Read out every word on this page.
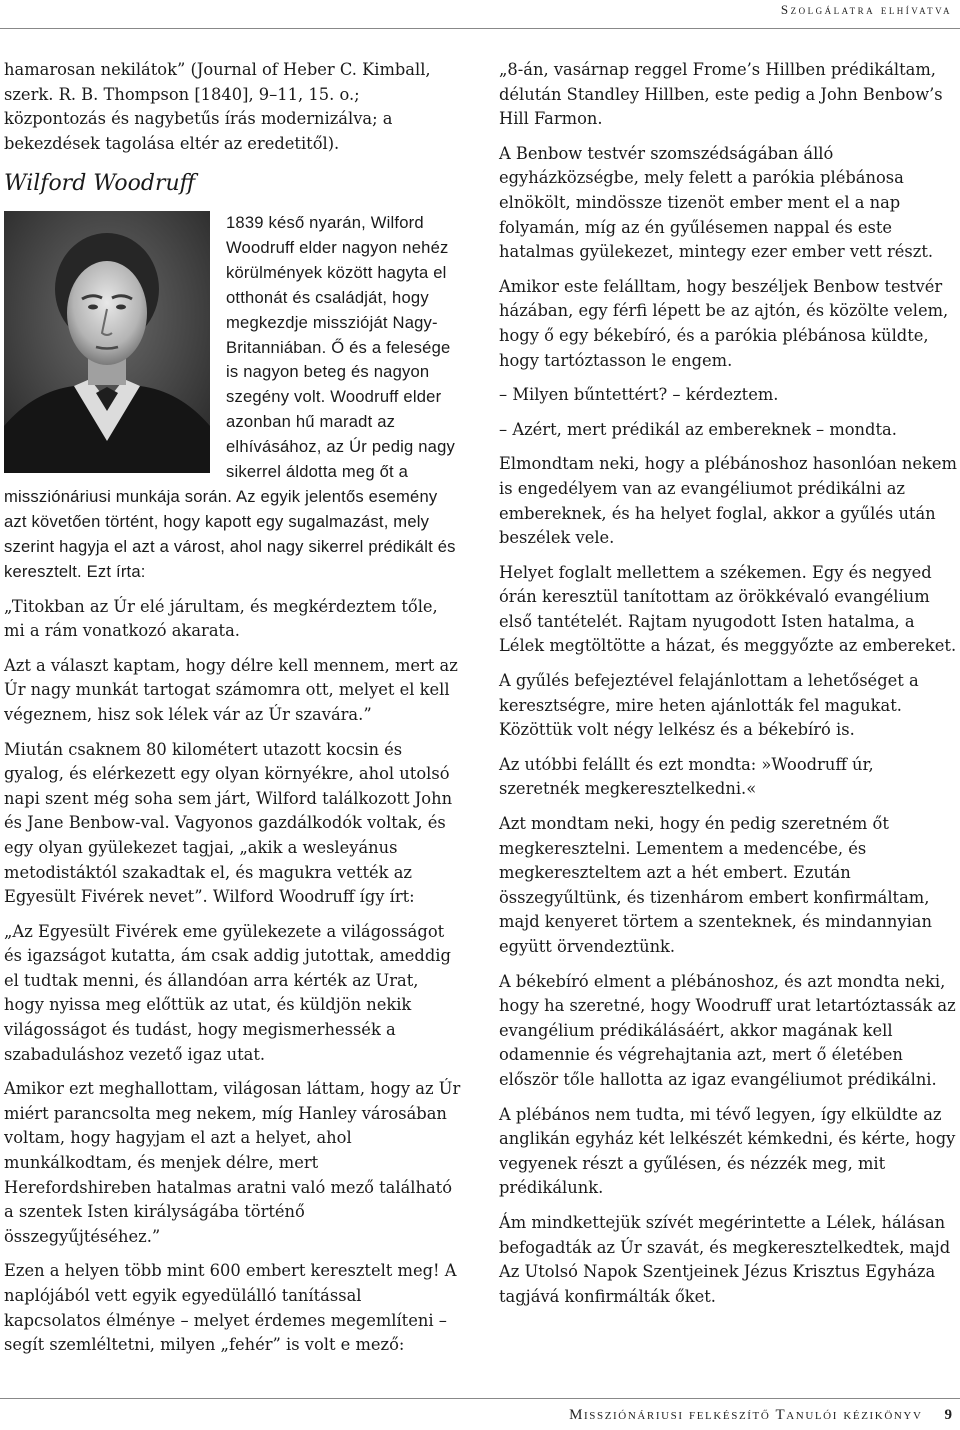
Szolgálatra elhívatva

hamarosan nekilátok” (Journal of Heber C. Kimball, szerk. R. B. Thompson [1840], 9–11, 15. o.; központozás és nagybetűs írás modernizálva; a bekezdések tagolása eltér az eredetitől).

Wilford Woodruff

1839 késő nyarán, Wilford Woodruff elder nagyon nehéz körülmények között hagyta el otthonát és családját, hogy megkezdje misszióját Nagy-Britanniában. Ő és a felesége is nagyon beteg és nagyon szegény volt. Woodruff elder azonban hű maradt az elhívásához, az Úr pedig nagy sikerrel áldotta meg őt a missziónáriusi munkája során. Az egyik jelentős esemény azt követően történt, hogy kapott egy sugalmazást, mely szerint hagyja el azt a várost, ahol nagy sikerrel prédikált és keresztelt. Ezt írta:

„Titokban az Úr elé járultam, és megkérdeztem tőle, mi a rám vonatkozó akarata.

Azt a választ kaptam, hogy délre kell mennem, mert az Úr nagy munkát tartogat számomra ott, melyet el kell végeznem, hisz sok lélek vár az Úr szavára.”

Miután csaknem 80 kilométert utazott kocsin és gyalog, és elérkezett egy olyan környékre, ahol utolsó napi szent még soha sem járt, Wilford találkozott John és Jane Benbow-val. Vagyonos gazdálkodók voltak, és egy olyan gyülekezet tagjai, „akik a wesleyánus metodistáktól szakadtak el, és magukra vették az Egyesült Fivérek nevet”. Wilford Woodruff így írt:

„Az Egyesült Fivérek eme gyülekezete a világosságot és igazságot kutatta, ám csak addig jutottak, ameddig el tudtak menni, és állandóan arra kérték az Urat, hogy nyissa meg előttük az utat, és küldjön nekik világosságot és tudást, hogy megismerhessék a szabaduláshoz vezető igaz utat.

Amikor ezt meghallottam, világosan láttam, hogy az Úr miért parancsolta meg nekem, míg Hanley városában voltam, hogy hagyjam el azt a helyet, ahol munkálkodtam, és menjek délre, mert Herefordshireben hatalmas aratni való mező található a szentek Isten királyságába történő összegyűjtéséhez.”

Ezen a helyen több mint 600 embert keresztelt meg! A naplójából vett egyik egyedülálló tanítással kapcsolatos élménye – melyet érdemes megemlíteni – segít szemléltetni, milyen „fehér” is volt e mező:

„8-án, vasárnap reggel Frome’s Hillben prédikáltam, délután Standley Hillben, este pedig a John Benbow’s Hill Farmon.

A Benbow testvér szomszédságában álló egyházközségbe, mely felett a parókia plébánosa elnökölt, mindössze tizenöt ember ment el a nap folyamán, míg az én gyűlésemen nappal és este hatalmas gyülekezet, mintegy ezer ember vett részt.

Amikor este felálltam, hogy beszéljek Benbow testvér házában, egy férfi lépett be az ajtón, és közölte velem, hogy ő egy békebíró, és a parókia plébánosa küldte, hogy tartóztasson le engem.

– Milyen bűntettért? – kérdeztem.

– Azért, mert prédikál az embereknek – mondta.

Elmondtam neki, hogy a plébánoshoz hasonlóan nekem is engedélyem van az evangéliumot prédikálni az embereknek, és ha helyet foglal, akkor a gyűlés után beszélek vele.

Helyet foglalt mellettem a székemen. Egy és negyed órán keresztül tanítottam az örökkévaló evangélium első tantételét. Rajtam nyugodott Isten hatalma, a Lélek megtöltötte a házat, és meggyőzte az embereket.

A gyűlés befejeztével felajánlottam a lehetőséget a keresztségre, mire heten ajánlották fel magukat. Közöttük volt négy lelkész és a békebíró is.

Az utóbbi felállt és ezt mondta: »Woodruff úr, szeretnék megkeresztelkedni.«

Azt mondtam neki, hogy én pedig szeretném őt megkeresztelni. Lementem a medencébe, és megkereszteltem azt a hét embert. Ezután összegyűltünk, és tizenhárom embert konfirmáltam, majd kenyeret törtem a szenteknek, és mindannyian együtt örvendeztünk.

A békebíró elment a plébánoshoz, és azt mondta neki, hogy ha szeretné, hogy Woodruff urat letartóztassák az evangélium prédikálásáért, akkor magának kell odamennie és végrehajtania azt, mert ő életében először tőle hallotta az igaz evangéliumot prédikálni.

A plébános nem tudta, mi tévő legyen, így elküldte az anglikán egyház két lelkészét kémkedni, és kérte, hogy vegyenek részt a gyűlésen, és nézzék meg, mit prédikálunk.

Ám mindkettejük szívét megérintette a Lélek, hálásan befogadták az Úr szavát, és megkeresztelkedtek, majd Az Utolsó Napok Szentjeinek Jézus Krisztus Egyháza tagjává konfirmálták őket.

Missziónáriusi felkészítő Tanulói kézikönyv 9
